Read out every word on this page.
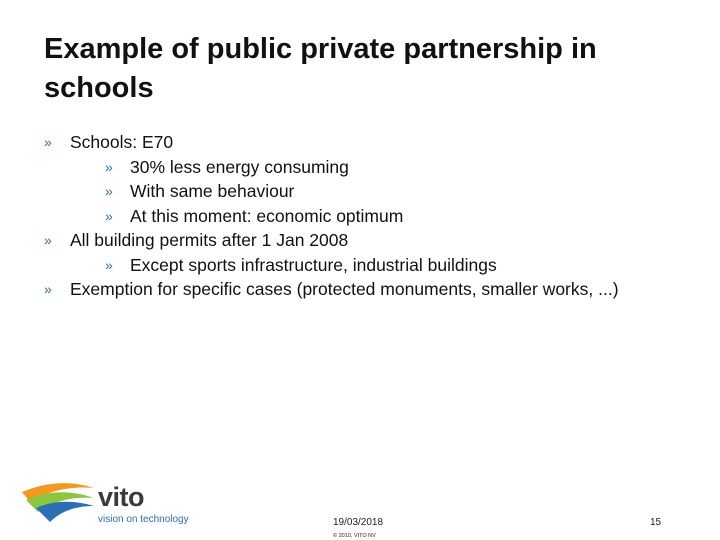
Example of public private partnership in schools
» Schools: E70
» 30% less energy consuming
» With same behaviour
» At this moment: economic optimum
» All building permits after 1 Jan 2008
» Except sports infrastructure, industrial buildings
» Exemption for specific cases (protected monuments, smaller works, ...)
vito
vision on technology	19/03/2018
© 2010, VITO NV
15
